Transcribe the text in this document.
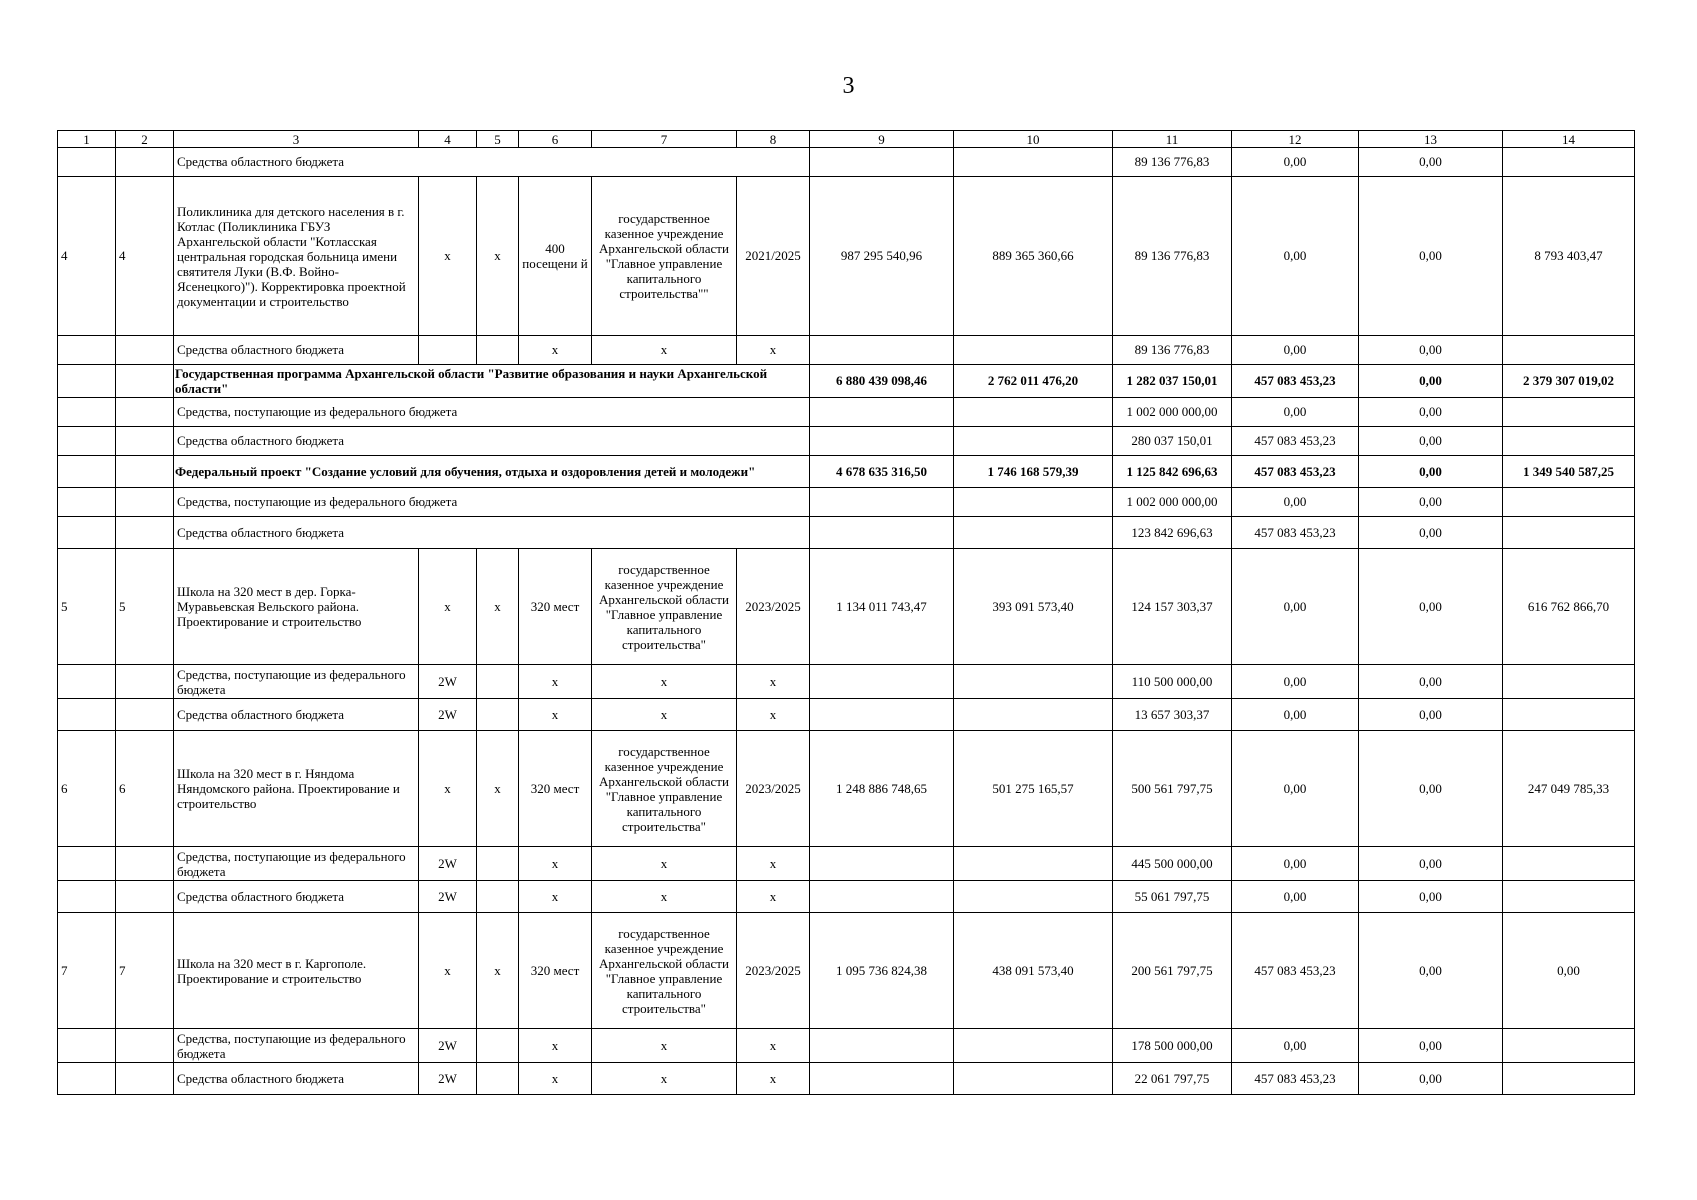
3
1	2	3	4	5	6	7	8	9	10	11	12	13	14
		Средства областного бюджета								89 136 776,83	0,00	0,00	
4	4	Поликлиника для детского населения в г. Котлас (Поликлиника ГБУЗ Архангельской области "Котласская центральная городская больница имени святителя Луки (В.Ф. Войно-Ясенецкого)"). Корректировка проектной документации и строительство	х	х	400 посещени й	государственное казенное учреждение Архангельской области "Главное управление капитального строительства""	2021/2025	987 295 540,96	889 365 360,66	89 136 776,83	0,00	0,00	8 793 403,47
		Средства областного бюджета			х	х	х			89 136 776,83	0,00	0,00	
		Государственная программа Архангельской области "Развитие образования и науки Архангельской области"						6 880 439 098,46	2 762 011 476,20	1 282 037 150,01	457 083 453,23	0,00	2 379 307 019,02
		Средства, поступающие из федерального бюджета								1 002 000 000,00	0,00	0,00	
		Средства областного бюджета								280 037 150,01	457 083 453,23	0,00	
		Федеральный проект "Создание условий для обучения, отдыха и оздоровления детей и молодежи"						4 678 635 316,50	1 746 168 579,39	1 125 842 696,63	457 083 453,23	0,00	1 349 540 587,25
		Средства, поступающие из федерального бюджета								1 002 000 000,00	0,00	0,00	
		Средства областного бюджета								123 842 696,63	457 083 453,23	0,00	
5	5	Школа на 320 мест в дер. Горка-Муравьевская Вельского района. Проектирование и строительство	х	х	320 мест	государственное казенное учреждение Архангельской области "Главное управление капитального строительства"	2023/2025	1 134 011 743,47	393 091 573,40	124 157 303,37	0,00	0,00	616 762 866,70
		Средства, поступающие из федерального бюджета	2W		х	х	х			110 500 000,00	0,00	0,00	
		Средства областного бюджета	2W		х	х	х			13 657 303,37	0,00	0,00	
6	6	Школа на 320 мест в г. Няндома Няндомского района. Проектирование и строительство	х	х	320 мест	государственное казенное учреждение Архангельской области "Главное управление капитального строительства"	2023/2025	1 248 886 748,65	501 275 165,57	500 561 797,75	0,00	0,00	247 049 785,33
		Средства, поступающие из федерального бюджета	2W		х	х	х			445 500 000,00	0,00	0,00	
		Средства областного бюджета	2W		х	х	х			55 061 797,75	0,00	0,00	
7	7	Школа на 320 мест в г. Каргополе. Проектирование и строительство	х	х	320 мест	государственное казенное учреждение Архангельской области "Главное управление капитального строительства"	2023/2025	1 095 736 824,38	438 091 573,40	200 561 797,75	457 083 453,23	0,00	0,00
		Средства, поступающие из федерального бюджета	2W		х	х	х			178 500 000,00	0,00	0,00	
		Средства областного бюджета	2W		х	х	х			22 061 797,75	457 083 453,23	0,00	
